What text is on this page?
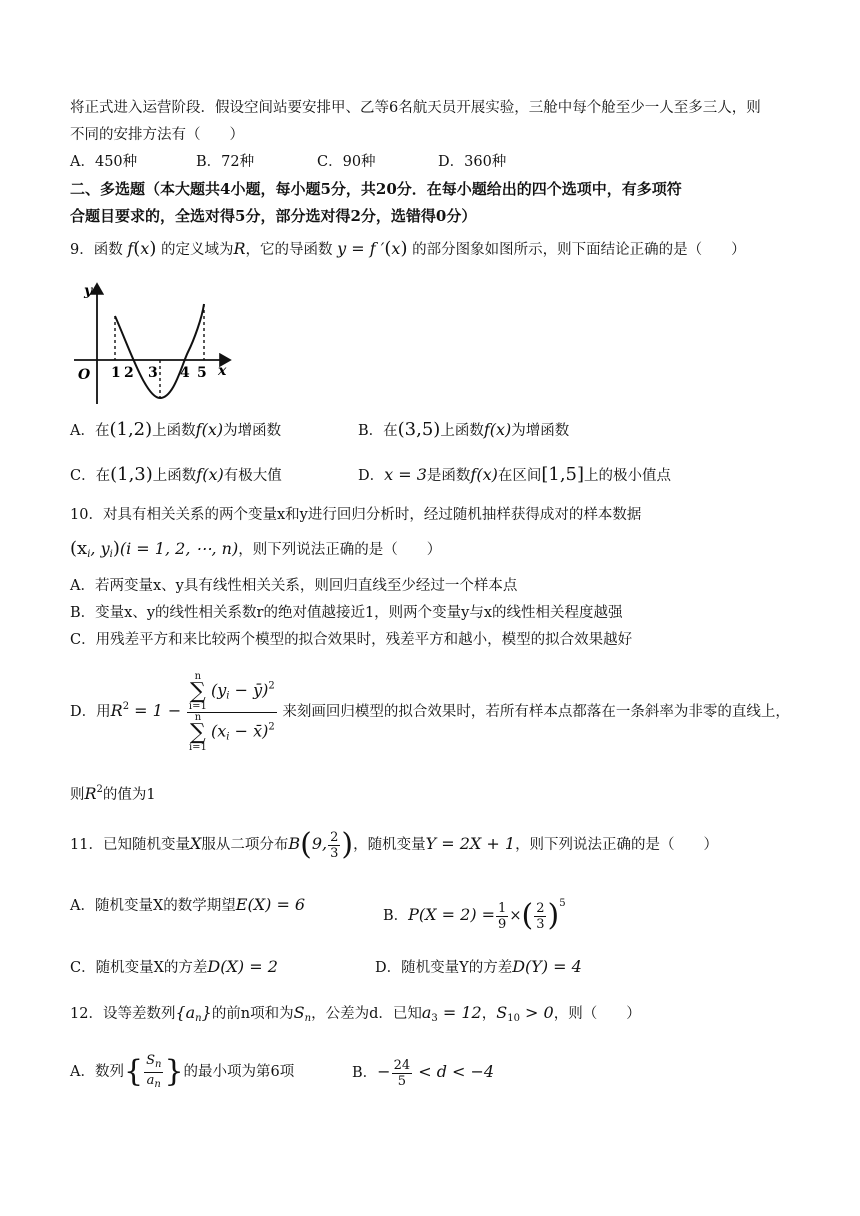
将正式进入运营阶段．假设空间站要安排甲、乙等6名航天员开展实验，三舱中每个舱至少一人至多三人，则
不同的安排方法有（　　）
A．450种	B．72种	C．90种	D．360种
二、多选题（本大题共4小题，每小题5分，共20分．在每小题给出的四个选项中，有多项符
合题目要求的，全选对得5分，部分选对得2分，选错得0分）
9．函数 f(x) 的定义域为R，它的导函数 y = f ′(x) 的部分图象如图所示，则下面结论正确的是（　　）
y
x
O 1 2 3 4 5
A．在(1,2)上函数f(x)为增函数	B．在(3,5)上函数f(x)为增函数
C．在(1,3)上函数f(x)有极大值	D．x = 3是函数f(x)在区间[1,5]上的极小值点
10．对具有相关关系的两个变量x和y进行回归分析时，经过随机抽样获得成对的样本数据
($x_i$, $y_i)(i = 1$, 2, ⋯, n)，则下列说法正确的是（　　）
A．若两变量x、y具有线性相关关系，则回归直线至少经过一个样本点
B．变量x、y的线性相关系数r的绝对值越接近1，则两个变量y与x的线性相关程度越强
C．用残差平方和来比较两个模型的拟合效果时，残差平方和越小，模型的拟合效果越好
D．用$R^2 = 1$ −
n
∑
i=1 ($y_i$ − ȳ)$^2$
n
∑
i=1 ($x_i$ − x̄)$^2$
来刻画回归模型的拟合效果时，若所有样本点都落在一条斜率为非零的直线上，
则$R^2$的值为1
11．已知随机变量X服从二项分布B(9, $\frac{2}{3}$ )，随机变量Y = 2X + 1，则下列说法正确的是（　　）
A．随机变量X的数学期望E(X) = 6
B．$P(X = 2) = \frac{1}{9}$ ×( $\frac{2}{3} )^5$
C．随机变量X的方差D(X) = 2	D．随机变量Y的方差D(Y) = 4
12．设等差数列$\{a_n\}$的前n项和为$S_n$，公差为d．已知$a_3 = 12$，$S_{10} > 0$，则（　　）
A．数列{ $\frac{S_n}{a_n}$ }的最小项为第6项	B．− $\frac{24}{5} < d < -4$
